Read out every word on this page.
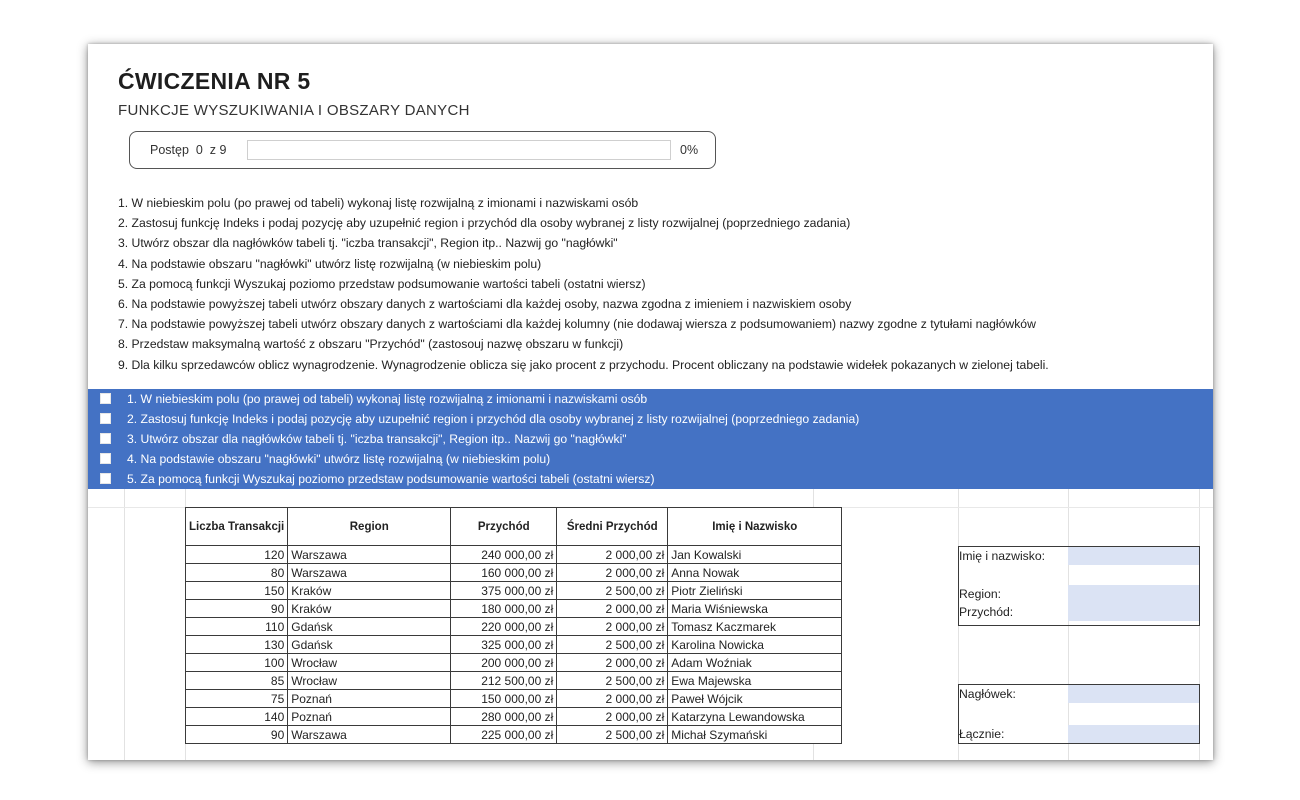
ĆWICZENIA NR 5
FUNKCJE WYSZUKIWANIA I OBSZARY DANYCH
Postęp  0  z 9	0%
1. W niebieskim polu (po prawej od tabeli) wykonaj listę rozwijalną z imionami i nazwiskami osób
2. Zastosuj funkcję Indeks i podaj pozycję aby uzupełnić region i przychód dla osoby wybranej z listy rozwijalnej (poprzedniego zadania)
3. Utwórz obszar dla nagłówków tabeli tj. "iczba transakcji", Region itp.. Nazwij go "nagłówki"
4. Na podstawie obszaru "nagłówki" utwórz listę rozwijalną (w niebieskim polu)
5. Za pomocą funkcji Wyszukaj poziomo przedstaw podsumowanie wartości tabeli (ostatni wiersz)
6. Na podstawie powyższej tabeli utwórz obszary danych z wartościami dla każdej osoby, nazwa zgodna z imieniem i nazwiskiem osoby
7. Na podstawie powyższej tabeli utwórz obszary danych z wartościami dla każdej kolumny (nie dodawaj wiersza z podsumowaniem) nazwy zgodne z tytułami nagłówków
8. Przedstaw maksymalną wartość z obszaru "Przychód" (zastosouj nazwę obszaru w funkcji)
9. Dla kilku sprzedawców oblicz wynagrodzenie. Wynagrodzenie oblicza się jako procent z przychodu. Procent obliczany na podstawie widełek pokazanych w zielonej tabeli.
1. W niebieskim polu (po prawej od tabeli) wykonaj listę rozwijalną z imionami i nazwiskami osób
2. Zastosuj funkcję Indeks i podaj pozycję aby uzupełnić region i przychód dla osoby wybranej z listy rozwijalnej (poprzedniego zadania)
3. Utwórz obszar dla nagłówków tabeli tj. "iczba transakcji", Region itp.. Nazwij go "nagłówki"
4. Na podstawie obszaru "nagłówki" utwórz listę rozwijalną (w niebieskim polu)
5. Za pomocą funkcji Wyszukaj poziomo przedstaw podsumowanie wartości tabeli (ostatni wiersz)
Liczba Transakcji	Region	Przychód	Średni Przychód	Imię i Nazwisko
120	Warszawa	240 000,00 zł	2 000,00 zł	Jan Kowalski
80	Warszawa	160 000,00 zł	2 000,00 zł	Anna Nowak
150	Kraków	375 000,00 zł	2 500,00 zł	Piotr Zieliński
90	Kraków	180 000,00 zł	2 000,00 zł	Maria Wiśniewska
110	Gdańsk	220 000,00 zł	2 000,00 zł	Tomasz Kaczmarek
130	Gdańsk	325 000,00 zł	2 500,00 zł	Karolina Nowicka
100	Wrocław	200 000,00 zł	2 000,00 zł	Adam Woźniak
85	Wrocław	212 500,00 zł	2 500,00 zł	Ewa Majewska
75	Poznań	150 000,00 zł	2 000,00 zł	Paweł Wójcik
140	Poznań	280 000,00 zł	2 000,00 zł	Katarzyna Lewandowska
90	Warszawa	225 000,00 zł	2 500,00 zł	Michał Szymański
Imię i nazwisko:
Region:
Przychód:
Nagłówek:
Łącznie:
